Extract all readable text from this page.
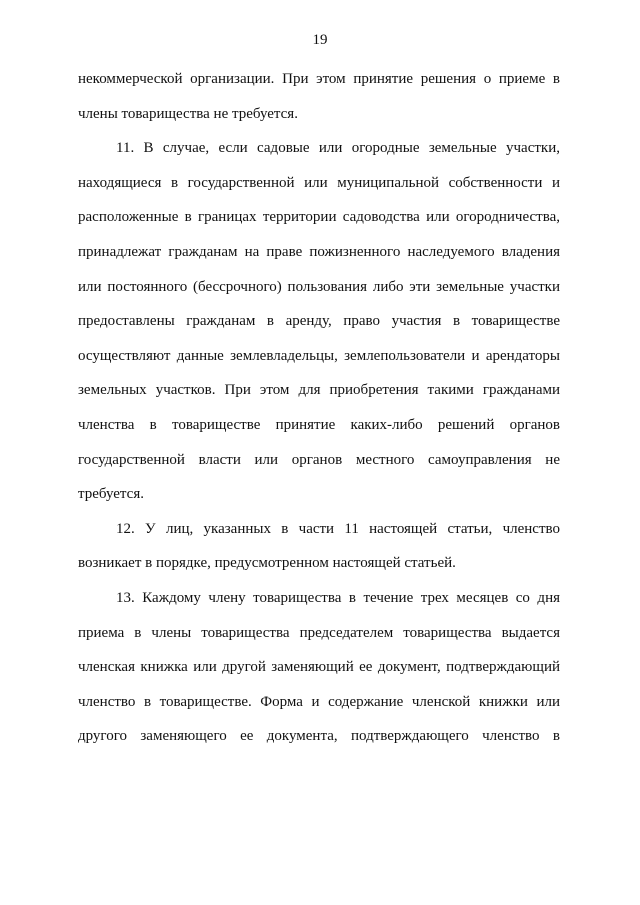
19

некоммерческой организации. При этом принятие решения о приеме в члены товарищества не требуется.

11. В случае, если садовые или огородные земельные участки, находящиеся в государственной или муниципальной собственности и расположенные в границах территории садоводства или огородничества, принадлежат гражданам на праве пожизненного наследуемого владения или постоянного (бессрочного) пользования либо эти земельные участки предоставлены гражданам в аренду, право участия в товариществе осуществляют данные землевладельцы, землепользователи и арендаторы земельных участков. При этом для приобретения такими гражданами членства в товариществе принятие каких-либо решений органов государственной власти или органов местного самоуправления не требуется.

12. У лиц, указанных в части 11 настоящей статьи, членство возникает в порядке, предусмотренном настоящей статьей.

13. Каждому члену товарищества в течение трех месяцев со дня приема в члены товарищества председателем товарищества выдается членская книжка или другой заменяющий ее документ, подтверждающий членство в товариществе. Форма и содержание членской книжки или другого заменяющего ее документа, подтверждающего членство в
